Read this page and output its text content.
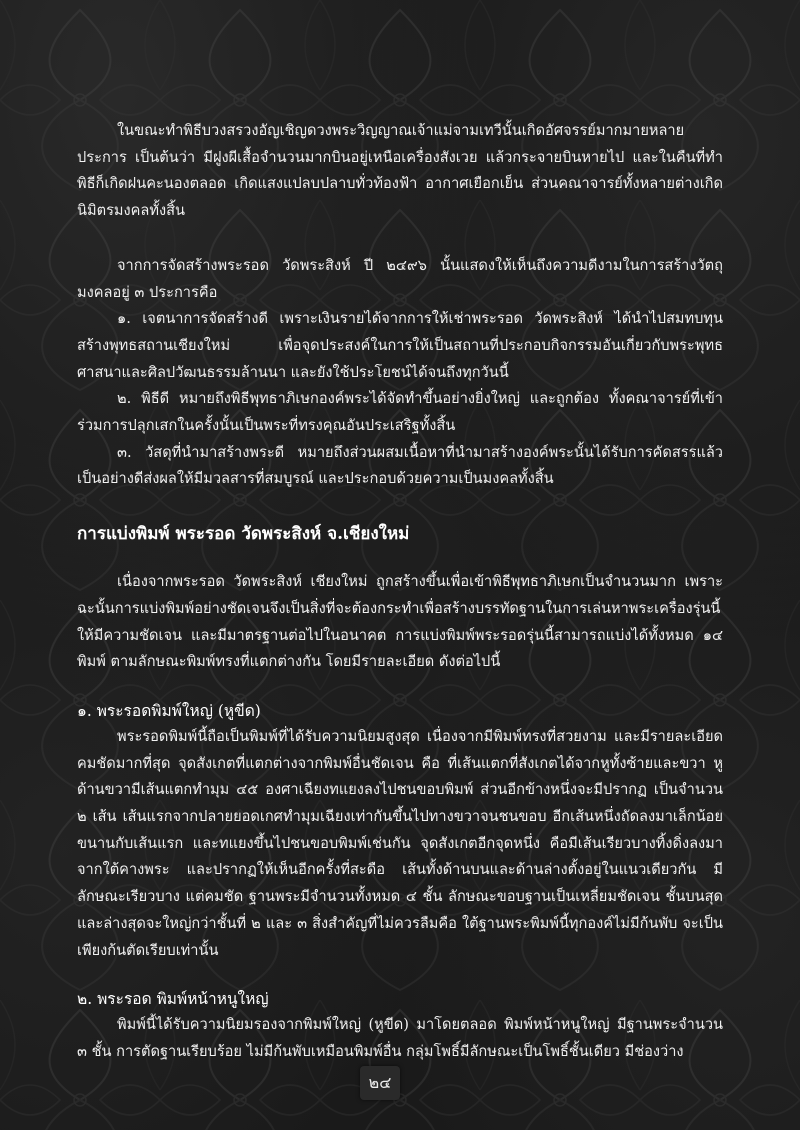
ในขณะทำพิธีบวงสรวงอัญเชิญดวงพระวิญญาณเจ้าแม่จามเทวีนั้นเกิดอัศจรรย์มากมายหลายประการ เป็นต้นว่า มีฝูงผีเสื้อจำนวนมากบินอยู่เหนือเครื่องสังเวย แล้วกระจายบินหายไป และในคืนที่ทำพิธีก็เกิดฝนคะนองตลอด เกิดแสงแปลบปลาบทั่วท้องฟ้า อากาศเยือกเย็น ส่วนคณาจารย์ทั้งหลายต่างเกิดนิมิตรมงคลทั้งสิ้น

จากการจัดสร้างพระรอด วัดพระสิงห์ ปี ๒๔๙๖ นั้นแสดงให้เห็นถึงความดีงามในการสร้างวัตถุมงคลอยู่ ๓ ประการคือ

๑. เจตนาการจัดสร้างดี เพราะเงินรายได้จากการให้เช่าพระรอด วัดพระสิงห์ ได้นำไปสมทบทุนสร้างพุทธสถานเชียงใหม่ เพื่อจุดประสงค์ในการให้เป็นสถานที่ประกอบกิจกรรมอันเกี่ยวกับพระพุทธศาสนาและศิลปวัฒนธรรมล้านนา และยังใช้ประโยชน์ได้จนถึงทุกวันนี้

๒. พิธีดี หมายถึงพิธีพุทธาภิเษกองค์พระได้จัดทำขึ้นอย่างยิ่งใหญ่ และถูกต้อง ทั้งคณาจารย์ที่เข้าร่วมการปลุกเสกในครั้งนั้นเป็นพระที่ทรงคุณอันประเสริฐทั้งสิ้น

๓. วัสดุที่นำมาสร้างพระดี หมายถึงส่วนผสมเนื้อหาที่นำมาสร้างองค์พระนั้นได้รับการคัดสรรแล้วเป็นอย่างดีส่งผลให้มีมวลสารที่สมบูรณ์ และประกอบด้วยความเป็นมงคลทั้งสิ้น

การแบ่งพิมพ์ พระรอด วัดพระสิงห์ จ.เชียงใหม่

เนื่องจากพระรอด วัดพระสิงห์ เชียงใหม่ ถูกสร้างขึ้นเพื่อเข้าพิธีพุทธาภิเษกเป็นจำนวนมาก เพราะฉะนั้นการแบ่งพิมพ์อย่างชัดเจนจึงเป็นสิ่งที่จะต้องกระทำเพื่อสร้างบรรทัดฐานในการเล่นหาพระเครื่องรุ่นนี้ ให้มีความชัดเจน และมีมาตรฐานต่อไปในอนาคต การแบ่งพิมพ์พระรอดรุ่นนี้สามารถแบ่งได้ทั้งหมด ๑๔ พิมพ์ ตามลักษณะพิมพ์ทรงที่แตกต่างกัน โดยมีรายละเอียด ดังต่อไปนี้

๑. พระรอดพิมพ์ใหญ่ (หูขีด)

พระรอดพิมพ์นี้ถือเป็นพิมพ์ที่ได้รับความนิยมสูงสุด เนื่องจากมีพิมพ์ทรงที่สวยงาม และมีรายละเอียดคมชัดมากที่สุด จุดสังเกตที่แตกต่างจากพิมพ์อื่นชัดเจน คือ ที่เส้นแตกที่สังเกตได้จากหูทั้งซ้ายและขวา หูด้านขวามีเส้นแตกทำมุม ๔๕ องศาเฉียงทแยงลงไปชนขอบพิมพ์ ส่วนอีกข้างหนึ่งจะมีปรากฏ เป็นจำนวน ๒ เส้น เส้นแรกจากปลายยอดเกศทำมุมเฉียงเท่ากันขึ้นไปทางขวาจนชนขอบ อีกเส้นหนึ่งถัดลงมาเล็กน้อย ขนานกับเส้นแรก และทแยงขึ้นไปชนขอบพิมพ์เช่นกัน จุดสังเกตอีกจุดหนึ่ง คือมีเส้นเรียวบางทิ้งดิ่งลงมาจากใต้คางพระ และปรากฏให้เห็นอีกครั้งที่สะดือ เส้นทั้งด้านบนและด้านล่างตั้งอยู่ในแนวเดียวกัน มีลักษณะเรียวบาง แต่คมชัด ฐานพระมีจำนวนทั้งหมด ๔ ชั้น ลักษณะขอบฐานเป็นเหลี่ยมชัดเจน ชั้นบนสุด และล่างสุดจะใหญ่กว่าชั้นที่ ๒ และ ๓ สิ่งสำคัญที่ไม่ควรลืมคือ ใต้ฐานพระพิมพ์นี้ทุกองค์ไม่มีก้นพับ จะเป็นเพียงก้นตัดเรียบเท่านั้น

๒. พระรอด พิมพ์หน้าหนูใหญ่

พิมพ์นี้ได้รับความนิยมรองจากพิมพ์ใหญ่ (หูขีด) มาโดยตลอด พิมพ์หน้าหนูใหญ่ มีฐานพระจำนวน ๓ ชั้น การตัดฐานเรียบร้อย ไม่มีก้นพับเหมือนพิมพ์อื่น กลุ่มโพธิ์มีลักษณะเป็นโพธิ์ชั้นเดียว มีช่องว่าง

๒๔
